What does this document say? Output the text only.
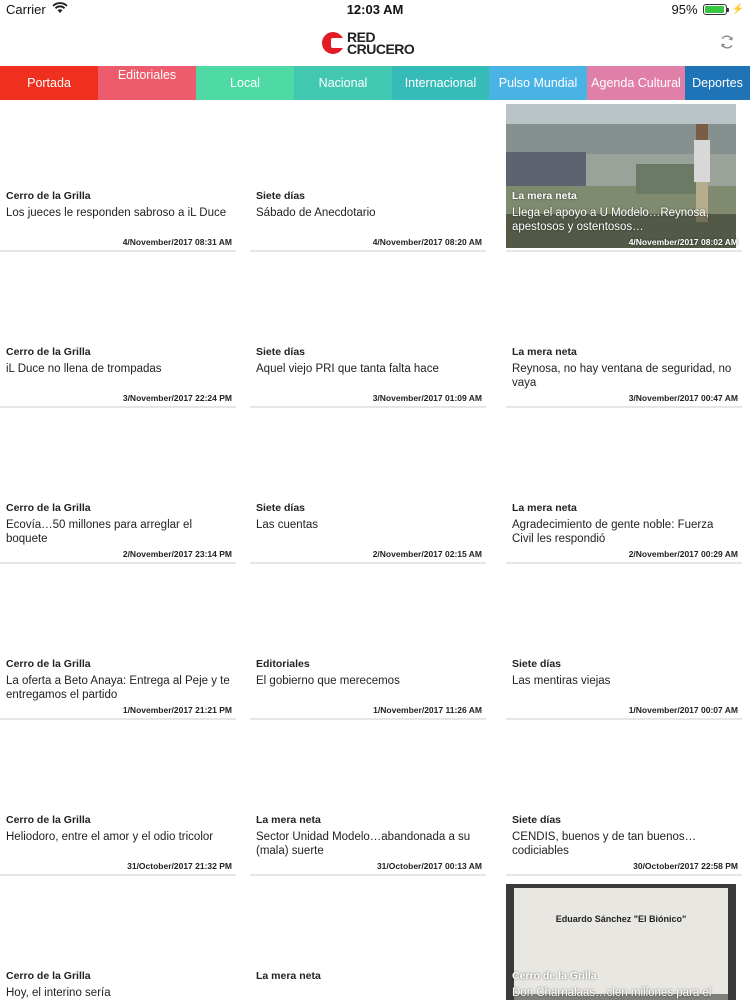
Carrier	12:03 AM	95%	⚡
RED
CRUCERO
Portada
Editoriales
Local	Nacional	Internacional	Pulso Mundial	Agenda Cultural Deportes
Cerro de la Grilla
Los jueces le responden sabroso a iL Duce
4/November/2017 08:31 AM
Siete días
Sábado de Anecdotario
4/November/2017 08:20 AM
La mera neta
Llega el apoyo a U Modelo…Reynosa, apestosos y ostentosos…
4/November/2017 08:02 AM
Cerro de la Grilla
iL Duce no llena de trompadas
3/November/2017 22:24 PM
Siete días
Aquel viejo PRI que tanta falta hace
3/November/2017 01:09 AM
La mera neta
Reynosa, no hay ventana de seguridad, no vaya
3/November/2017 00:47 AM
Cerro de la Grilla
Ecovía…50 millones para arreglar el boquete
2/November/2017 23:14 PM
Siete días
Las cuentas
2/November/2017 02:15 AM
La mera neta
Agradecimiento de gente noble: Fuerza Civil les respondió
2/November/2017 00:29 AM
Cerro de la Grilla
La oferta a Beto Anaya: Entrega al Peje y te entregamos el partido
1/November/2017 21:21 PM
Editoriales
El gobierno que merecemos
1/November/2017 11:26 AM
Siete días
Las mentiras viejas
1/November/2017 00:07 AM
Cerro de la Grilla
Heliodoro, entre el amor y el odio tricolor
31/October/2017 21:32 PM
La mera neta
Sector Unidad Modelo…abandonada a su (mala) suerte
31/October/2017 00:13 AM
Siete días
CENDIS, buenos y de tan buenos… codiciables
30/October/2017 22:58 PM
Cerro de la Grilla
Hoy, el interino sería
La mera neta
Eduardo Sánchez "El Biónico"
Cerro de la Grilla
Don Charnalaas…cien millones para el
